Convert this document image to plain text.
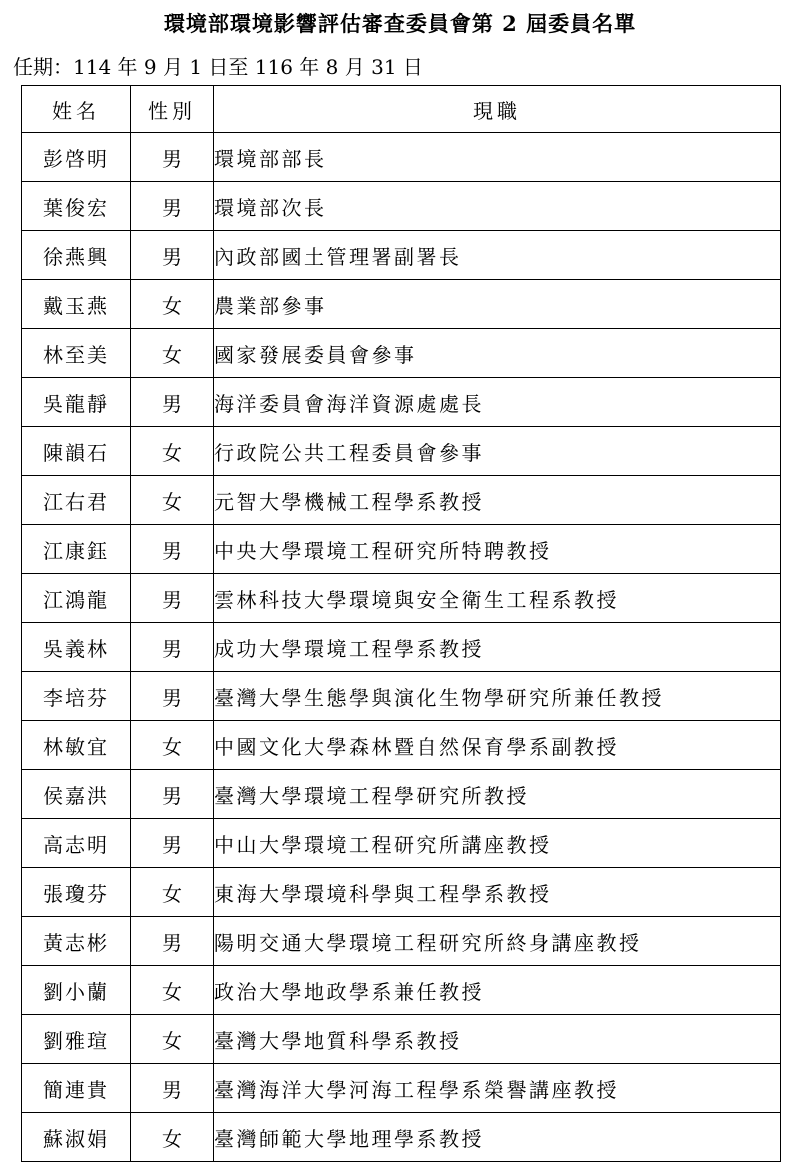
環境部環境影響評估審查委員會第 2 屆委員名單
任期：114 年 9 月 1 日至 116 年 8 月 31 日
姓名	性別	現職
彭啓明	男	環境部部長
葉俊宏	男	環境部次長
徐燕興	男	內政部國土管理署副署長
戴玉燕	女	農業部參事
林至美	女	國家發展委員會參事
吳龍靜	男	海洋委員會海洋資源處處長
陳韻石	女	行政院公共工程委員會參事
江右君	女	元智大學機械工程學系教授
江康鈺	男	中央大學環境工程研究所特聘教授
江鴻龍	男	雲林科技大學環境與安全衛生工程系教授
吳義林	男	成功大學環境工程學系教授
李培芬	男	臺灣大學生態學與演化生物學研究所兼任教授
林敏宜	女	中國文化大學森林暨自然保育學系副教授
侯嘉洪	男	臺灣大學環境工程學研究所教授
高志明	男	中山大學環境工程研究所講座教授
張瓊芬	女	東海大學環境科學與工程學系教授
黃志彬	男	陽明交通大學環境工程研究所終身講座教授
劉小蘭	女	政治大學地政學系兼任教授
劉雅瑄	女	臺灣大學地質科學系教授
簡連貴	男	臺灣海洋大學河海工程學系榮譽講座教授
蘇淑娟	女	臺灣師範大學地理學系教授
